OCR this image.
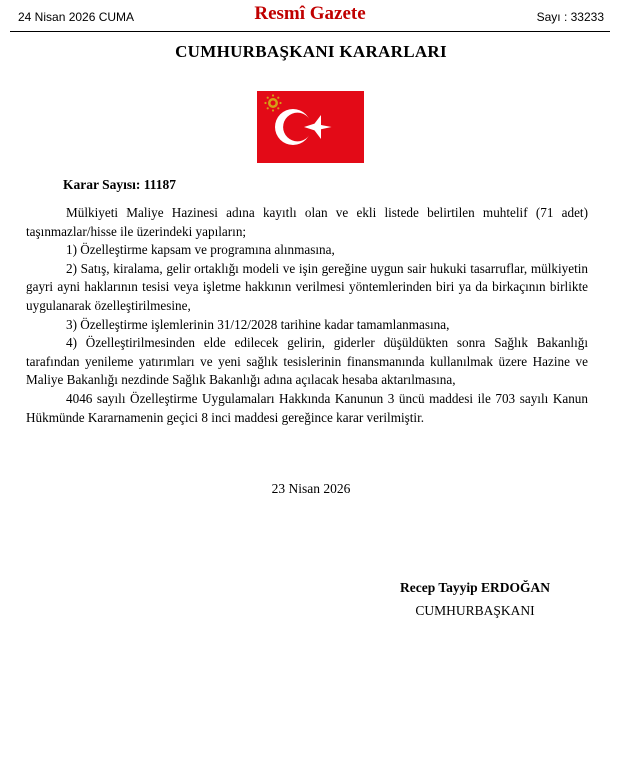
24 Nisan 2026 CUMA	Resmî Gazete	Sayı : 33233
CUMHURBAŞKANI KARARLARI
Karar Sayısı: 11187

Mülkiyeti Maliye Hazinesi adına kayıtlı olan ve ekli listede belirtilen muhtelif (71 adet) taşınmazlar/hisse ile üzerindeki yapıların;

1) Özelleştirme kapsam ve programına alınmasına,

2) Satış, kiralama, gelir ortaklığı modeli ve işin gereğine uygun sair hukuki tasarruflar, mülkiyetin gayri ayni haklarının tesisi veya işletme hakkının verilmesi yöntemlerinden biri ya da birkaçının birlikte uygulanarak özelleştirilmesine,

3) Özelleştirme işlemlerinin 31/12/2028 tarihine kadar tamamlanmasına,

4) Özelleştirilmesinden elde edilecek gelirin, giderler düşüldükten sonra Sağlık Bakanlığı tarafından yenileme yatırımları ve yeni sağlık tesislerinin finansmanında kullanılmak üzere Hazine ve Maliye Bakanlığı nezdinde Sağlık Bakanlığı adına açılacak hesaba aktarılmasına,

4046 sayılı Özelleştirme Uygulamaları Hakkında Kanunun 3 üncü maddesi ile 703 sayılı Kanun Hükmünde Kararnamenin geçici 8 inci maddesi gereğince karar verilmiştir.

23 Nisan 2026
Recep Tayyip ERDOĞAN
CUMHURBAŞKANI
